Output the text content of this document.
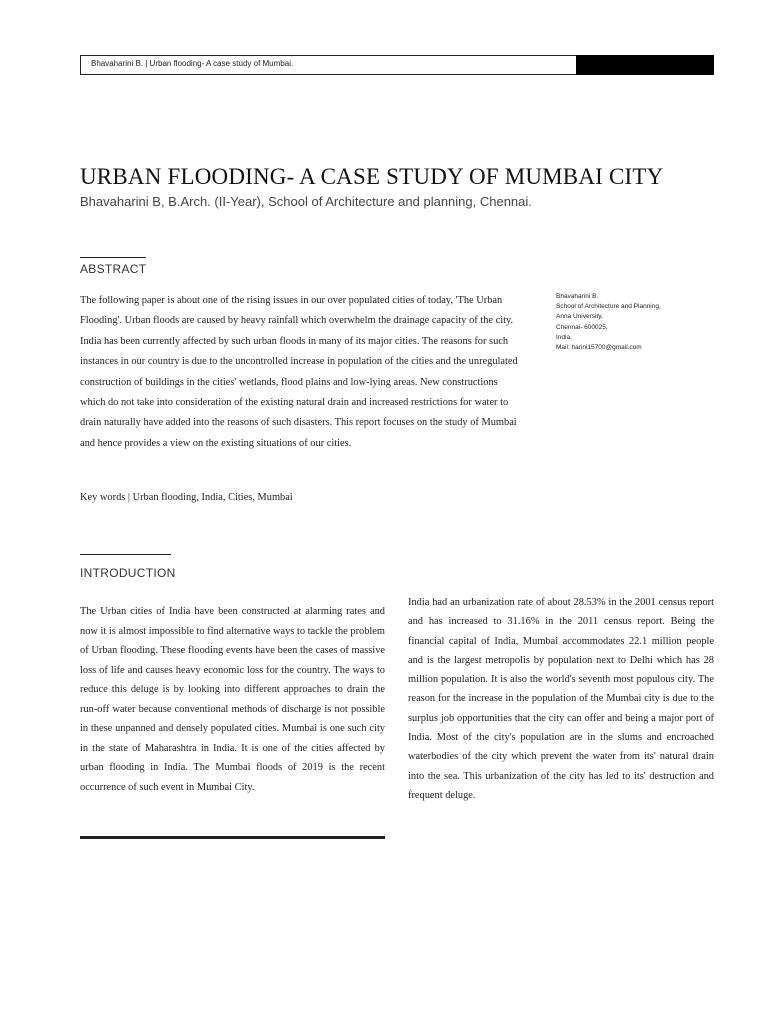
Bhavaharini B. | Urban flooding- A case study of Mumbai.
URBAN FLOODING- A CASE STUDY OF MUMBAI CITY
Bhavaharini B, B.Arch. (II-Year), School of Architecture and planning, Chennai.
ABSTRACT

The following paper is about one of the rising issues in our over populated cities of today, 'The Urban Flooding'. Urban floods are caused by heavy rainfall which overwhelm the drainage capacity of the city. India has been currently affected by such urban floods in many of its major cities. The reasons for such instances in our country is due to the uncontrolled increase in population of the cities and the unregulated construction of buildings in the cities' wetlands, flood plains and low-lying areas. New constructions which do not take into consideration of the existing natural drain and increased restrictions for water to drain naturally have added into the reasons of such disasters. This report focuses on the study of Mumbai and hence provides a view on the existing situations of our cities.

Key words | Urban flooding, India, Cities, Mumbai

Bhavaharini B.
School of Architecture and Planning,
Anna University,
Chennai- 600025,
India.
Mail: harini15700@gmail.com
INTRODUCTION

The Urban cities of India have been constructed at alarming rates and now it is almost impossible to find alternative ways to tackle the problem of Urban flooding. These flooding events have been the cases of massive loss of life and causes heavy economic loss for the country. The ways to reduce this deluge is by looking into different approaches to drain the run-off water because conventional methods of discharge is not possible in these unpanned and densely populated cities. Mumbai is one such city in the state of Maharashtra in India. It is one of the cities affected by urban flooding in India. The Mumbai floods of 2019 is the recent occurrence of such event in Mumbai City.

India had an urbanization rate of about 28.53% in the 2001 census report and has increased to 31.16% in the 2011 census report. Being the financial capital of India, Mumbai accommodates 22.1 million people and is the largest metropolis by population next to Delhi which has 28 million population. It is also the world's seventh most populous city. The reason for the increase in the population of the Mumbai city is due to the surplus job opportunities that the city can offer and being a major port of India. Most of the city's population are in the slums and encroached waterbodies of the city which prevent the water from its' natural drain into the sea. This urbanization of the city has led to its' destruction and frequent deluge.
